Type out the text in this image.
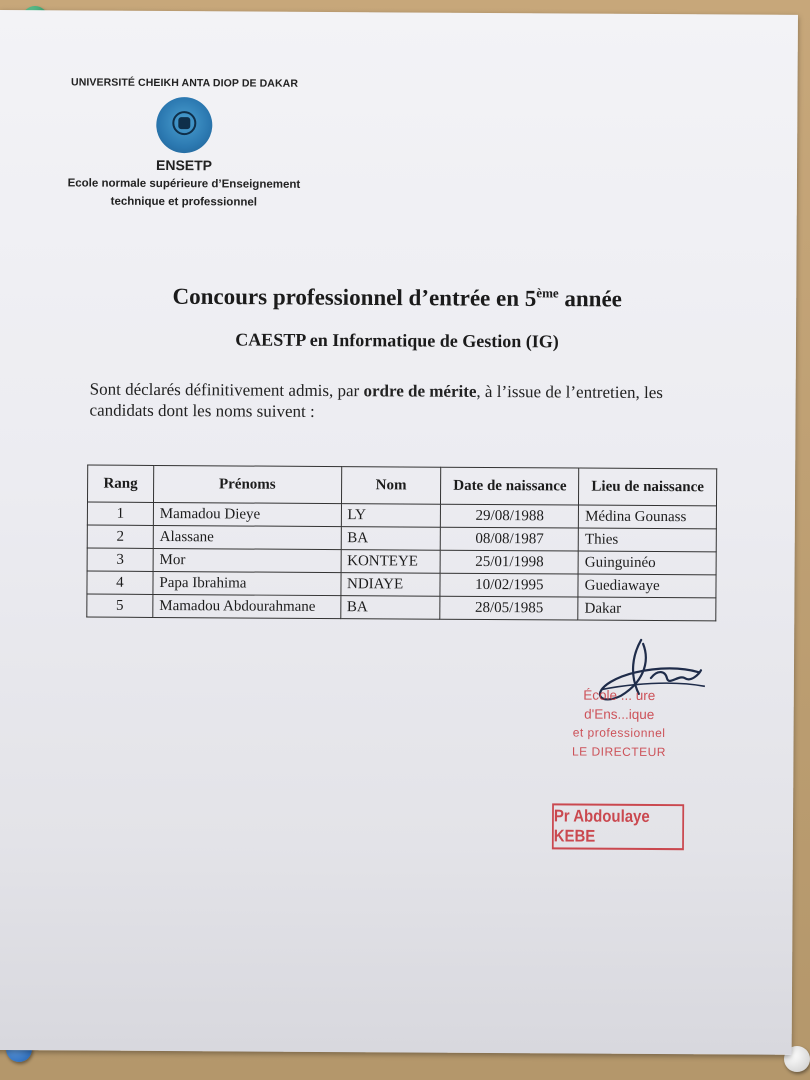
UNIVERSITÉ CHEIKH ANTA DIOP DE DAKAR
ENSETP
Ecole normale supérieure d’Enseignement
technique et professionnel
Concours professionnel d’entrée en 5ème année
CAESTP en Informatique de Gestion (IG)
Sont déclarés définitivement admis, par ordre de mérite, à l’issue de l’entretien, les candidats dont les noms suivent :
Rang	Prénoms	Nom	Date de naissance	Lieu de naissance
1	Mamadou Dieye	LY	29/08/1988	Médina Gounass
2	Alassane	BA	08/08/1987	Thies
3	Mor	KONTEYE	25/01/1998	Guinguinéo
4	Papa Ibrahima	NDIAYE	10/02/1995	Guediawaye
5	Mamadou Abdourahmane	BA	28/05/1985	Dakar
École ... ure
d'Ens...ique
et professionnel
LE DIRECTEUR
Pr Abdoulaye KEBE
